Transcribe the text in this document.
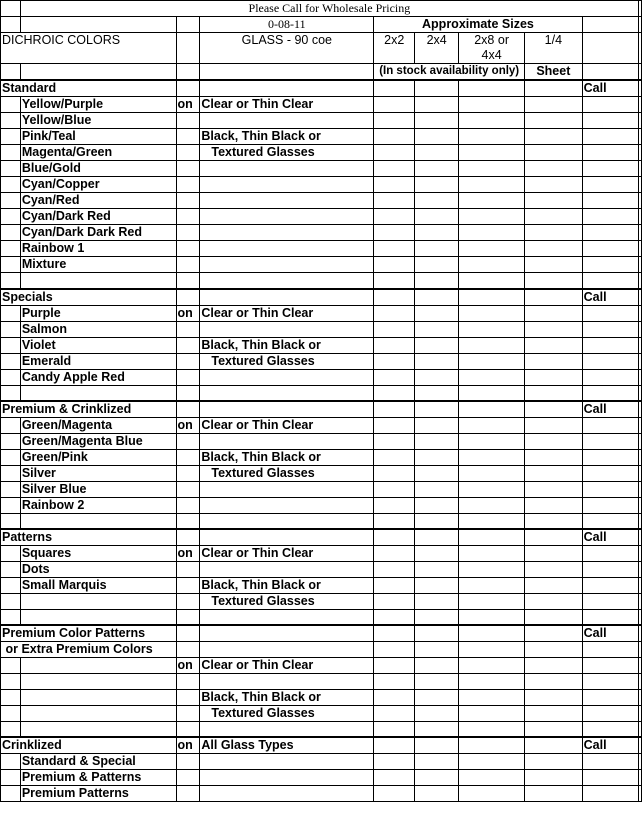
	Please Call for Wholesale Pricing								
			0-08-11	Approximate Sizes					
DICHROIC COLORS			GLASS - 90 coe	2x2	2x4	2x8 or	1/4		
						4x4			
				(In stock availability only)			Sheet		
Standard								Call	
	Yellow/Purple	on	Clear or Thin Clear						
	Yellow/Blue								
	Pink/Teal		Black, Thin Black or						
	Magenta/Green		Textured Glasses						
	Blue/Gold								
	Cyan/Copper								
	Cyan/Red								
	Cyan/Dark Red								
	Cyan/Dark Dark Red								
	Rainbow 1								
	Mixture								

Specials								Call	
	Purple	on	Clear or Thin Clear						
	Salmon								
	Violet		Black, Thin Black or						
	Emerald		Textured Glasses						
	Candy Apple Red								

Premium & Crinklized								Call	
	Green/Magenta	on	Clear or Thin Clear						
	Green/Magenta Blue								
	Green/Pink		Black, Thin Black or						
	Silver		Textured Glasses						
	Silver Blue								
	Rainbow 2								

Patterns								Call	
	Squares	on	Clear or Thin Clear						
	Dots								
	Small Marquis		Black, Thin Black or						
			Textured Glasses						

Premium Color Patterns								Call	
or Extra Premium Colors									
		on	Clear or Thin Clear						

			Black, Thin Black or						
			Textured Glasses						

Crinklized		on	All Glass Types					Call	
	Standard & Special								
	Premium & Patterns								
	Premium Patterns								
